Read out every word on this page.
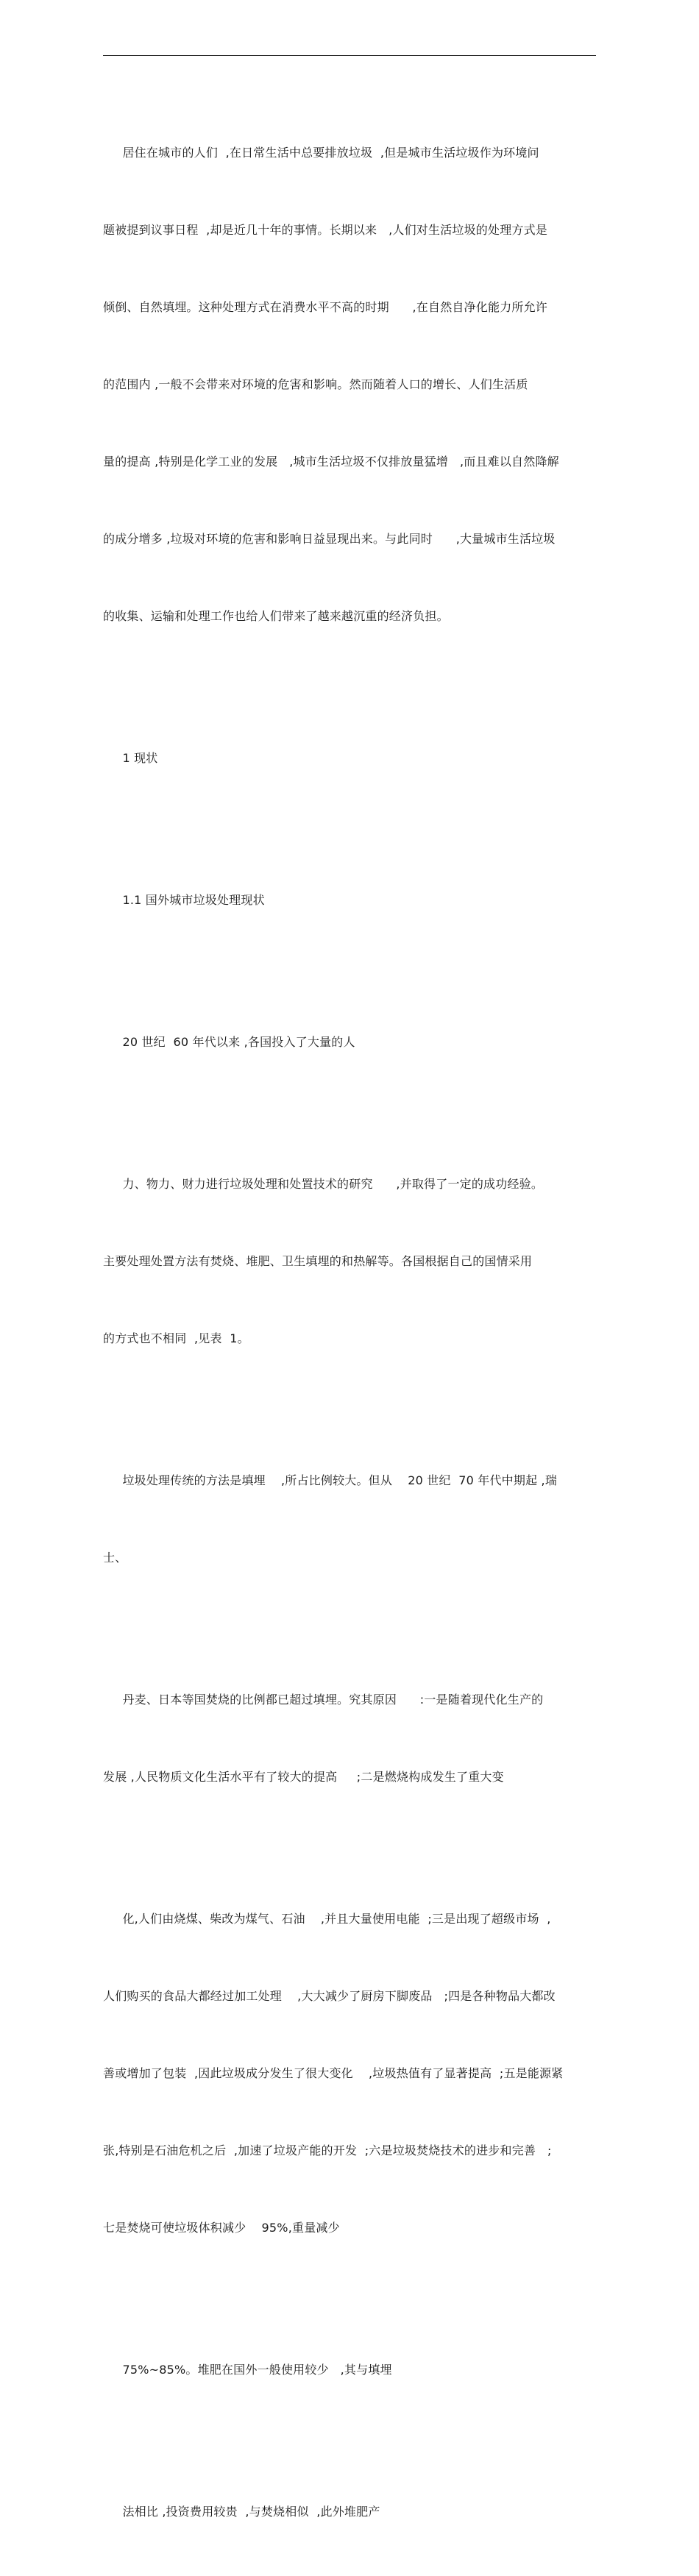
居住在城市的人们  ,在日常生活中总要排放垃圾  ,但是城市生活垃圾作为环境问

题被提到议事日程  ,却是近几十年的事情。长期以来   ,人们对生活垃圾的处理方式是

倾倒、自然填埋。这种处理方式在消费水平不高的时期      ,在自然自净化能力所允许

的范围内 ,一般不会带来对环境的危害和影响。然而随着人口的增长、人们生活质

量的提高 ,特别是化学工业的发展   ,城市生活垃圾不仅排放量猛增   ,而且难以自然降解

的成分增多 ,垃圾对环境的危害和影响日益显现出来。与此同时      ,大量城市生活垃圾

的收集、运输和处理工作也给人们带来了越来越沉重的经济负担。

1 现状

1.1 国外城市垃圾处理现状

20 世纪  60 年代以来 ,各国投入了大量的人

力、物力、财力进行垃圾处理和处置技术的研究      ,并取得了一定的成功经验。

主要处理处置方法有焚烧、堆肥、卫生填埋的和热解等。各国根据自己的国情采用

的方式也不相同  ,见表  1。

垃圾处理传统的方法是填埋    ,所占比例较大。但从    20 世纪  70 年代中期起 ,瑞

士、

丹麦、日本等国焚烧的比例都已超过填埋。究其原因      :一是随着现代化生产的

发展 ,人民物质文化生活水平有了较大的提高     ;二是燃烧构成发生了重大变

化,人们由烧煤、柴改为煤气、石油    ,并且大量使用电能  ;三是出现了超级市场  ,

人们购买的食品大都经过加工处理    ,大大减少了厨房下脚废品   ;四是各种物品大都改

善或增加了包装  ,因此垃圾成分发生了很大变化    ,垃圾热值有了显著提高  ;五是能源紧

张,特别是石油危机之后  ,加速了垃圾产能的开发  ;六是垃圾焚烧技术的进步和完善   ;

七是焚烧可使垃圾体积减少    95%,重量减少

75%~85%。堆肥在国外一般使用较少   ,其与填埋

法相比 ,投资费用较贵  ,与焚烧相似  ,此外堆肥产
